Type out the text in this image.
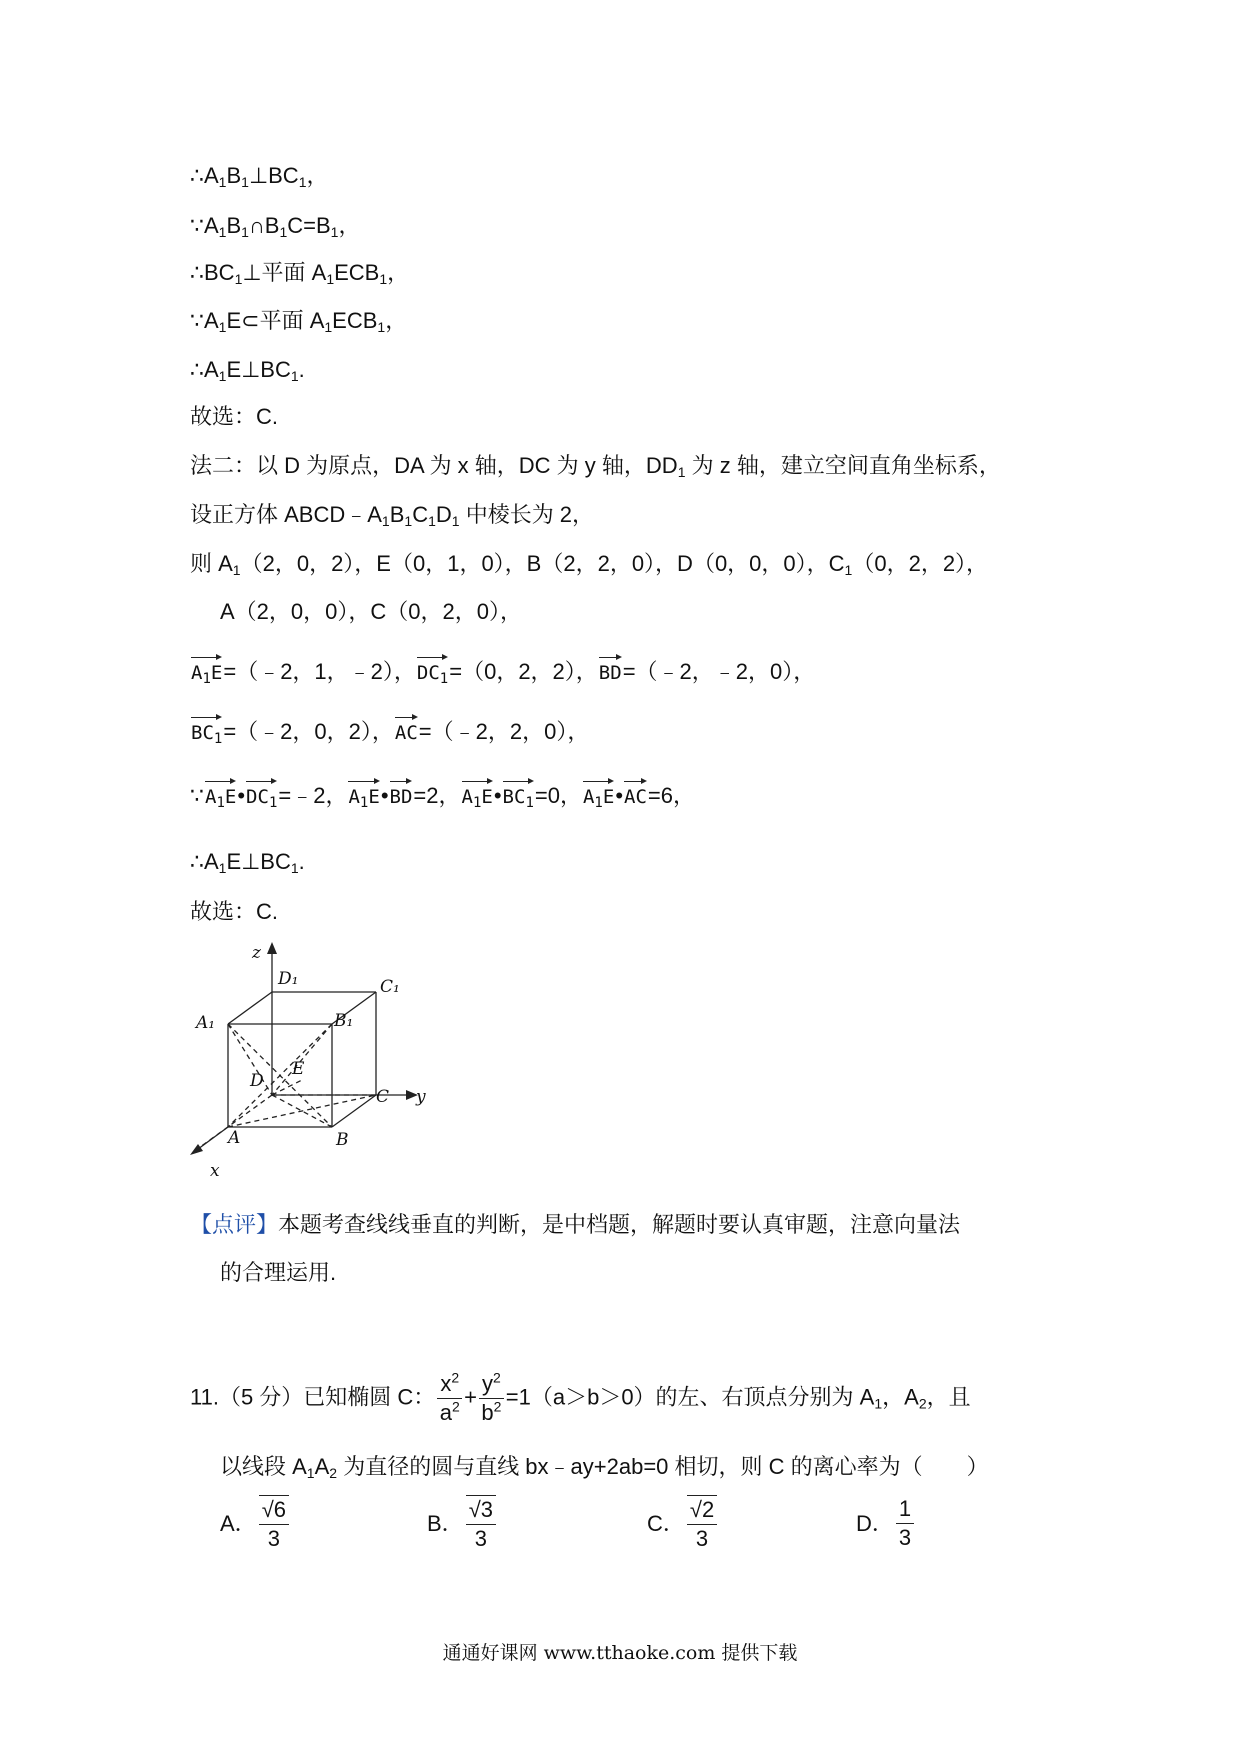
$\therefore A_1B_1\perp BC_1$，
$\because A_1B_1\cap B_1C=B_1$，
$\therefore BC_1\perp$平面 $A_1ECB_1$，
$\because A_1E\subset$平面 $A_1ECB_1$，
$\therefore A_1E\perp BC_1$.
故选：C.
法二：以 D 为原点，DA 为 x 轴，DC 为 y 轴，$DD_1$ 为 z 轴，建立空间直角坐标系，
设正方体 $ABCD﹣A_1B_1C_1D_1$ 中棱长为 2，
则 $A_1(2$，0，2），E（0，1，0），B（2，2，0），D（0，0，0），$C_1(0$，2，2），
A（2，0，0），C（0，2，0），
$A_1E=(﹣2$，1，﹣2），$DC_1=(0$，2，2），BD=（﹣2，﹣2，0），
$BC_1=(﹣2$，0，2），AC=（﹣2，2，0），
$\because A_1E•DC_1=﹣2$，$A_1E•BD=2$，$A_1E•BC_1=0$，$A_1E•AC=6$，
$\therefore A_1E\perp BC_1$.
故选：C.
z
D₁	C₁
A₁	B₁
D
E
C y
A	B
x
【点评】本题考查线线垂直的判断，是中档题，解题时要认真审题，注意向量法
的合理运用.
11.（5 分）已知椭圆 C： $\frac{x^2}{a^2} + \frac{y^2}{b^2} =1(a>b>0)$的左、右顶点分别为 $A_1$，$A_2$，且
以线段 $A_1A_2$ 为直径的圆与直线 bx﹣ay+2ab=0 相切，则 C 的离心率为（　　）
A． $\frac{√6}{3}$	B． $\frac{√3}{3}$	C． $\frac{√2}{3}$	D． $\frac{1}{3}$
通通好课网 www.tthaoke.com 提供下载
